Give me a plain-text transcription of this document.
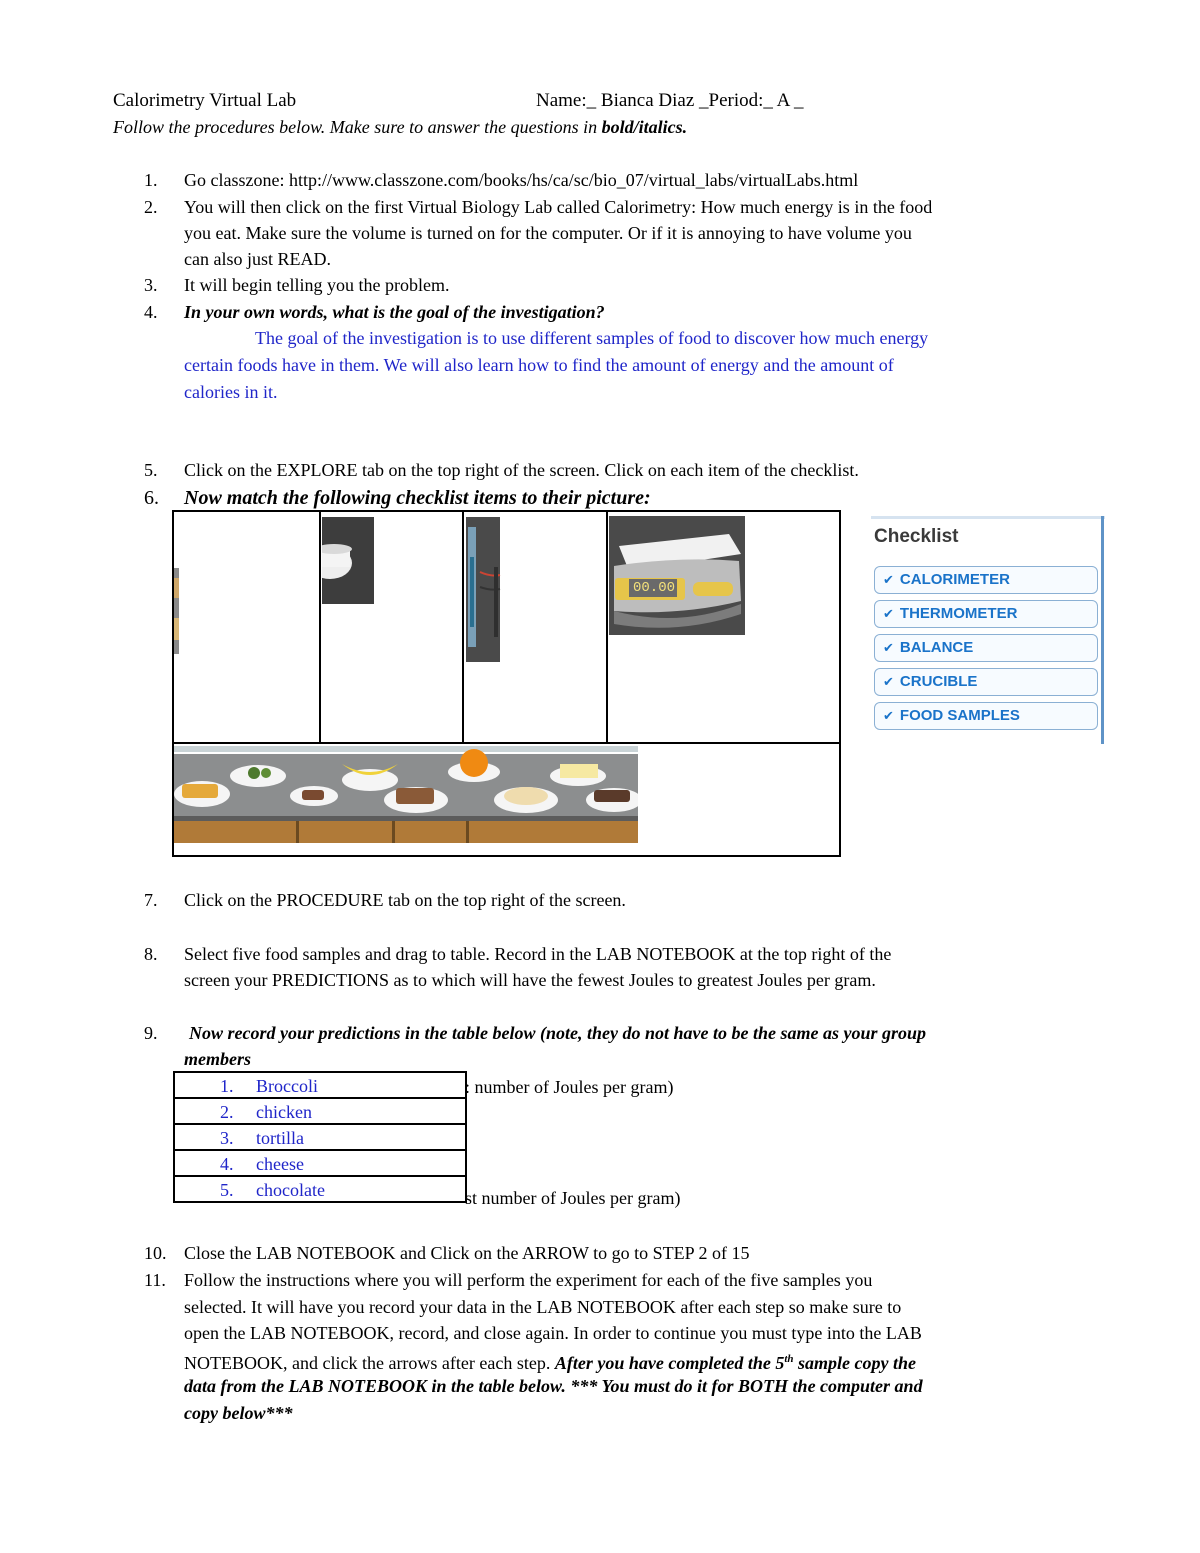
Calorimetry Virtual Lab	Name:_ Bianca Diaz _Period:_ A _
Follow the procedures below. Make sure to answer the questions in bold/italics.
1.	Go classzone: http://www.classzone.com/books/hs/ca/sc/bio_07/virtual_labs/virtualLabs.html
2.	You will then click on the first Virtual Biology Lab called Calorimetry: How much energy is in the food
you eat. Make sure the volume is turned on for the computer. Or if it is annoying to have volume you
can also just READ.
3.	It will begin telling you the problem.
4.	In your own words, what is the goal of the investigation?
The goal of the investigation is to use different samples of food to discover how much energy
certain foods have in them. We will also learn how to find the amount of energy and the amount of
calories in it.
5.	Click on the EXPLORE tab on the top right of the screen. Click on each item of the checklist.
6.	Now match the following checklist items to their picture:
00.00
Checklist
✔ CALORIMETER
✔ THERMOMETER
✔ BALANCE
✔ CRUCIBLE
✔ FOOD SAMPLES
7.	Click on the PROCEDURE tab on the top right of the screen.
8.	Select five food samples and drag to table. Record in the LAB NOTEBOOK at the top right of the
screen your PREDICTIONS as to which will have the fewest Joules to greatest Joules per gram.
9.	Now record your predictions in the table below (note, they do not have to be the same as your group
members
1. Broccoli

2. chicken

3. tortilla

4. cheese

5. chocolate
: number of Joules per gram)
st number of Joules per gram)
10. Close the LAB NOTEBOOK and Click on the ARROW to go to STEP 2 of 15
11. Follow the instructions where you will perform the experiment for each of the five samples you
selected. It will have you record your data in the LAB NOTEBOOK after each step so make sure to
open the LAB NOTEBOOK, record, and close again. In order to continue you must type into the LAB
NOTEBOOK, and click the arrows after each step. After you have completed the 5th sample copy the
data from the LAB NOTEBOOK in the table below. *** You must do it for BOTH the computer and
copy below***
